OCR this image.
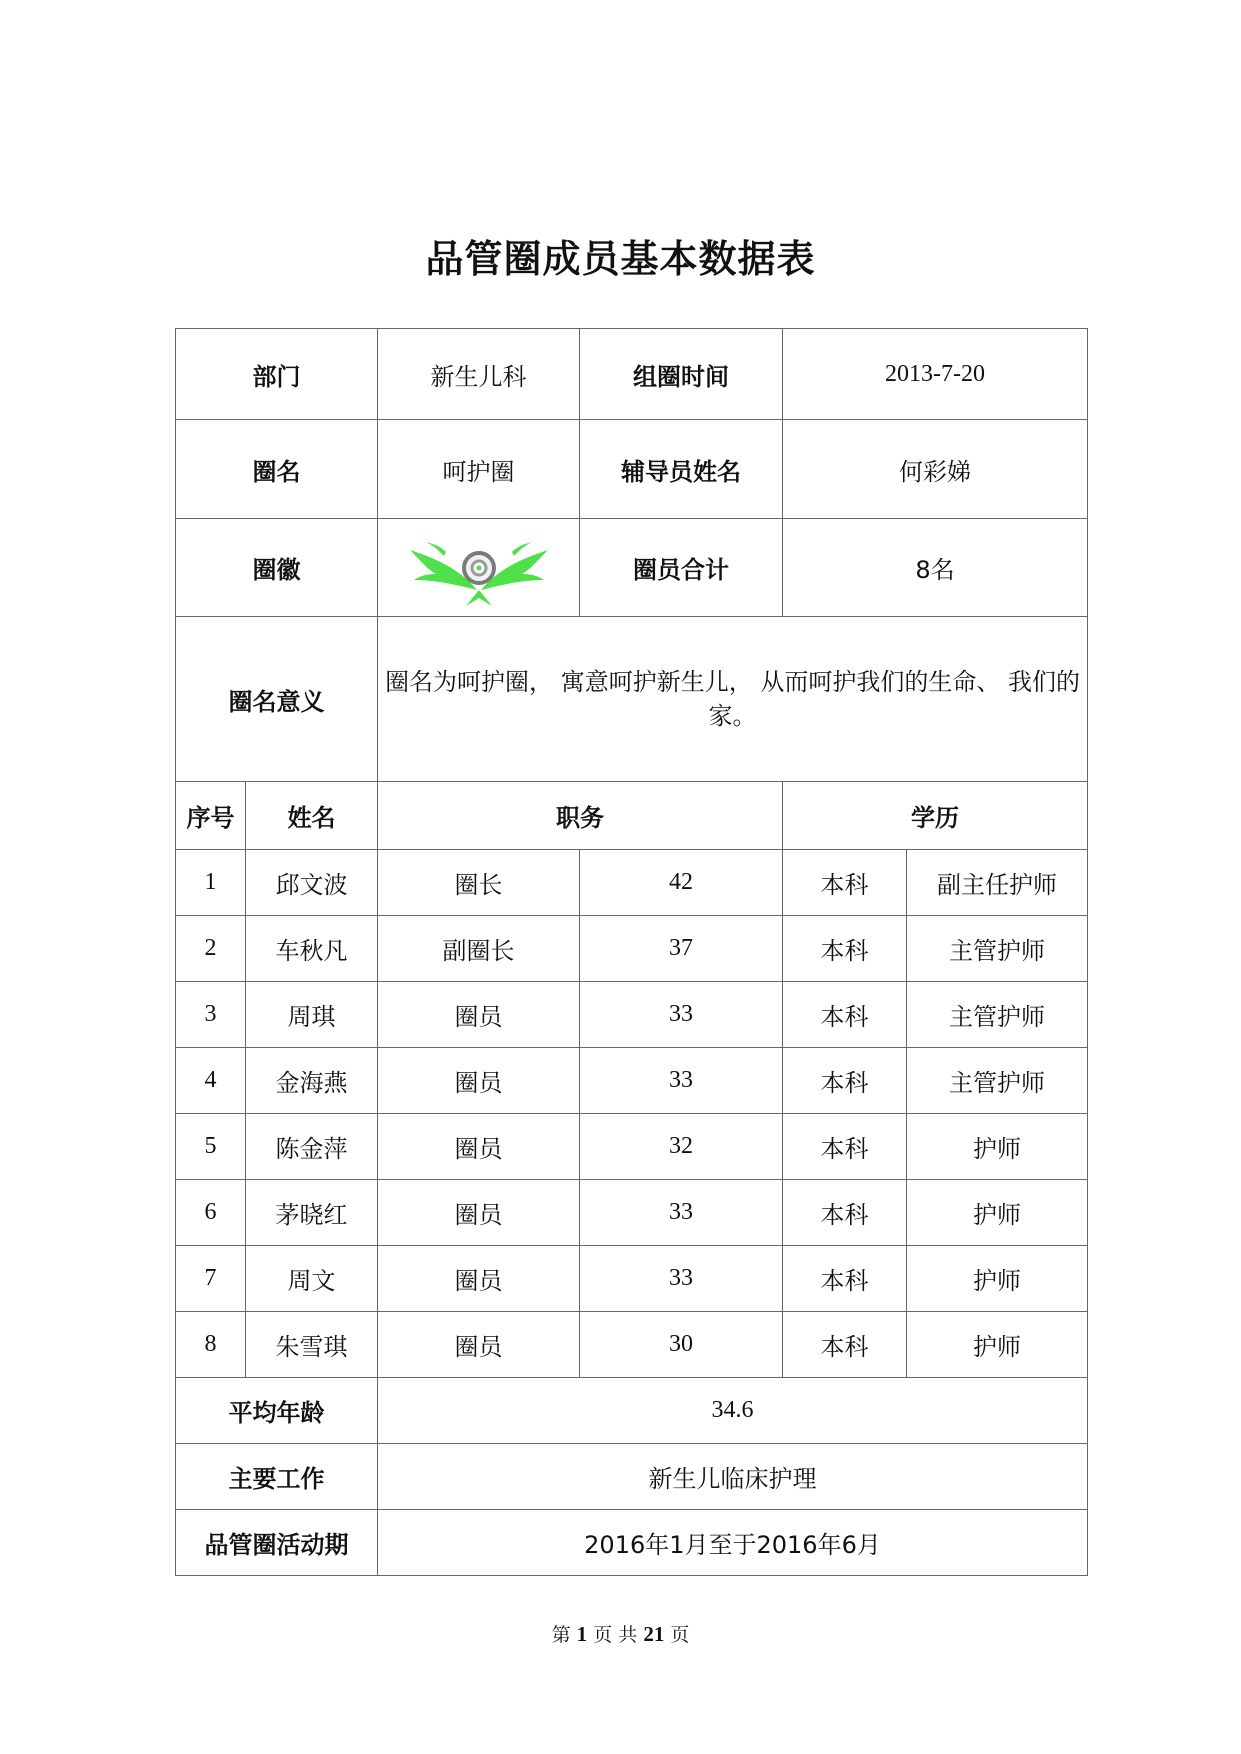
品管圈成员基本数据表
部门		新生儿科	组圈时间	2013-7-20	
圈名		呵护圈	辅导员姓名	何彩娣	
圈徽			圈员合计	8名	
圈名意义		圈名为呵护圈， 寓意呵护新生儿， 从而呵护我们的生命、 我们的家。			
序号	姓名	职务		学历	
1	邱文波	圈长	42	本科	副主任护师
2	车秋凡	副圈长	37	本科	主管护师
3	周琪	圈员	33	本科	主管护师
4	金海燕	圈员	33	本科	主管护师
5	陈金萍	圈员	32	本科	护师
6	茅晓红	圈员	33	本科	护师
7	周文	圈员	33	本科	护师
8	朱雪琪	圈员	30	本科	护师
平均年龄		34.6			
主要工作		新生儿临床护理			
品管圈活动期		2016年1月至于2016年6月			
第 1 页 共 21 页
